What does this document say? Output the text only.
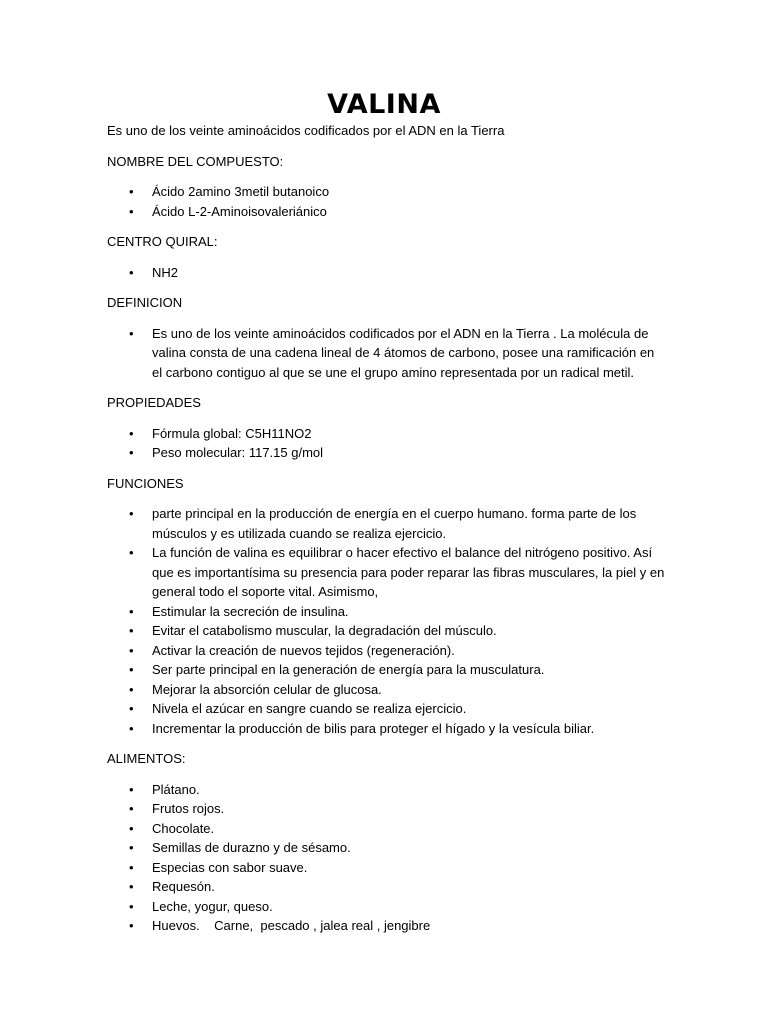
VALINA

Es uno de los veinte aminoácidos codificados por el ADN en la Tierra

NOMBRE DEL COMPUESTO:

• Ácido 2amino 3metil butanoico
• Ácido L-2-Aminoisovaleriánico

CENTRO QUIRAL:

• NH2

DEFINICION

• Es uno de los veinte aminoácidos codificados por el ADN en la Tierra . La molécula de valina consta de una cadena lineal de 4 átomos de carbono, posee una ramificación en el carbono contiguo al que se une el grupo amino representada por un radical metil.

PROPIEDADES

• Fórmula global: C5H11NO2
• Peso molecular: 117.15 g/mol

FUNCIONES

• parte principal en la producción de energía en el cuerpo humano. forma parte de los músculos y es utilizada cuando se realiza ejercicio.
• La función de valina es equilibrar o hacer efectivo el balance del nitrógeno positivo. Así que es importantísima su presencia para poder reparar las fibras musculares, la piel y en general todo el soporte vital. Asimismo,
• Estimular la secreción de insulina.
• Evitar el catabolismo muscular, la degradación del músculo.
• Activar la creación de nuevos tejidos (regeneración).
• Ser parte principal en la generación de energía para la musculatura.
• Mejorar la absorción celular de glucosa.
• Nivela el azúcar en sangre cuando se realiza ejercicio.
• Incrementar la producción de bilis para proteger el hígado y la vesícula biliar.

ALIMENTOS:

• Plátano.
• Frutos rojos.
• Chocolate.
• Semillas de durazno y de sésamo.
• Especias con sabor suave.
• Requesón.
• Leche, yogur, queso.
• Huevos.    Carne,  pescado , jalea real , jengibre
